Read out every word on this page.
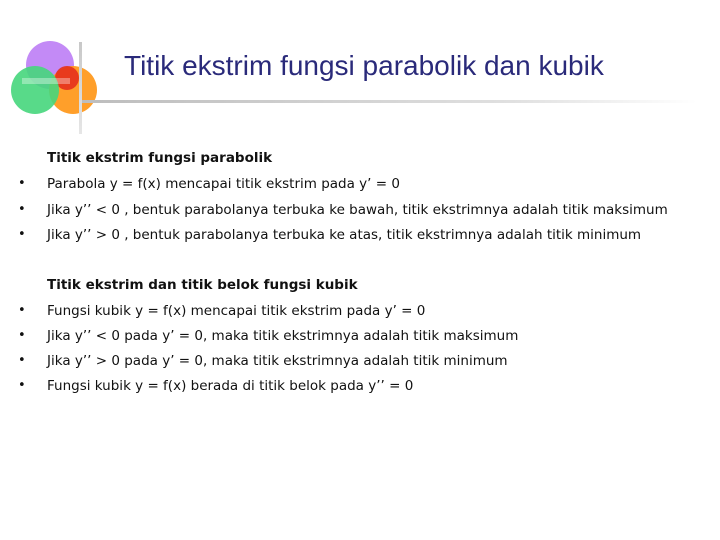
Titik ekstrim fungsi parabolik dan kubik
Titik ekstrim fungsi parabolik
• Parabola y = f(x) mencapai titik ekstrim pada y’ = 0
• Jika y’’ < 0 , bentuk parabolanya terbuka ke bawah, titik ekstrimnya adalah titik maksimum
• Jika y’’ > 0 , bentuk parabolanya terbuka ke atas, titik ekstrimnya adalah titik minimum
Titik ekstrim dan titik belok fungsi kubik
• Fungsi kubik y = f(x) mencapai titik ekstrim pada y’ = 0
• Jika y’’ < 0 pada y’ = 0, maka titik ekstrimnya adalah titik maksimum
• Jika y’’ > 0 pada y’ = 0, maka titik ekstrimnya adalah titik minimum
• Fungsi kubik y = f(x) berada di titik belok pada y’’ = 0
